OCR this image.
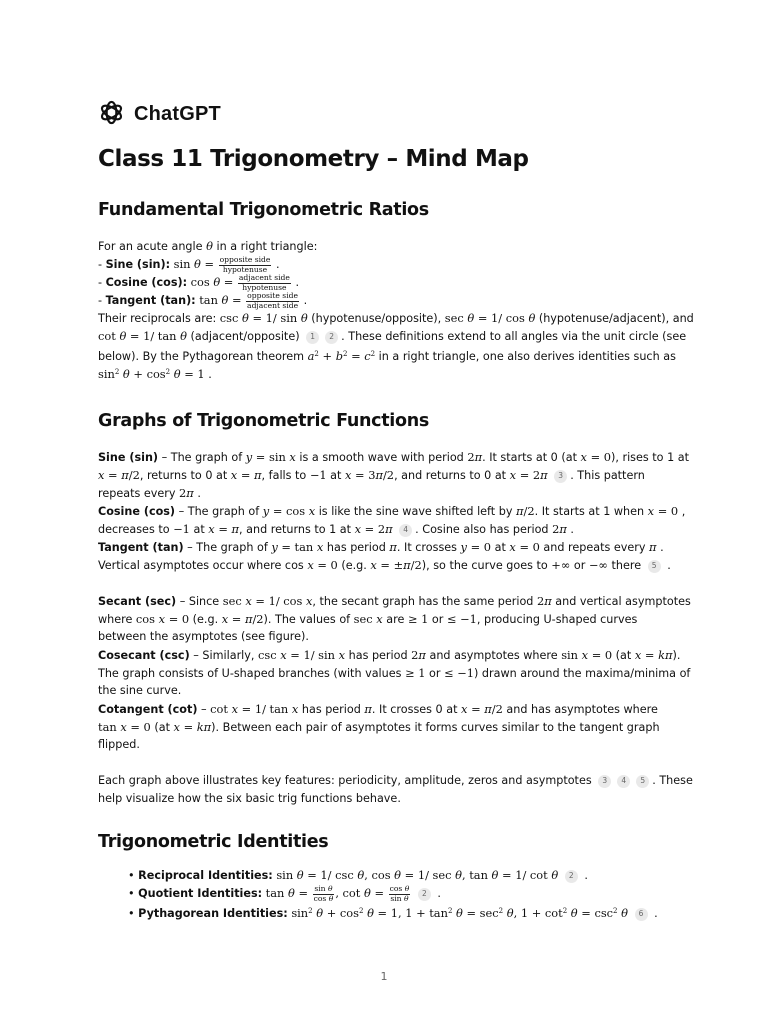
ChatGPT
Class 11 Trigonometry – Mind Map
Fundamental Trigonometric Ratios
For an acute angle θ in a right triangle:
- Sine (sin): $\sin \theta = \frac{\text{opposite side}}{\text{hypotenuse}}$ .
- Cosine (cos): $\cos \theta = \frac{\text{adjacent side}}{\text{hypotenuse}}$ .
- Tangent (tan): $\tan \theta = \frac{\text{opposite side}}{\text{adjacent side}}$ .
Their reciprocals are: csc θ = 1/ sin θ (hypotenuse/opposite), sec θ = 1/ cos θ (hypotenuse/adjacent), and
cot θ = 1/ tan θ (adjacent/opposite) 1 2 . These definitions extend to all angles via the unit circle (see
below). By the Pythagorean theorem $a^2 + b^2 = c^2$ in a right triangle, one also derives identities such as
$\sin^2 \theta + \cos^2 \theta = 1$ .
Graphs of Trigonometric Functions
Sine (sin) – The graph of y = sin x is a smooth wave with period 2π. It starts at 0 (at x = 0), rises to 1 at
x = π/2, returns to 0 at x = π, falls to −1 at x = 3π/2, and returns to 0 at x = 2π 3 . This pattern
repeats every 2π .
Cosine (cos) – The graph of y = cos x is like the sine wave shifted left by π/2. It starts at 1 when x = 0 ,
decreases to −1 at x = π, and returns to 1 at x = 2π 4 . Cosine also has period 2π .
Tangent (tan) – The graph of y = tan x has period π. It crosses y = 0 at x = 0 and repeats every π .
Vertical asymptotes occur where cos x = 0 (e.g. x = ±π/2), so the curve goes to +∞ or −∞ there 5 .
Secant (sec) – Since sec x = 1/ cos x, the secant graph has the same period 2π and vertical asymptotes
where cos x = 0 (e.g. x = π/2). The values of sec x are ≥ 1 or ≤ −1, producing U-shaped curves
between the asymptotes (see figure).
Cosecant (csc) – Similarly, csc x = 1/ sin x has period 2π and asymptotes where sin x = 0 (at x = kπ).
The graph consists of U-shaped branches (with values ≥ 1 or ≤ −1) drawn around the maxima/minima of
the sine curve.
Cotangent (cot) – cot x = 1/ tan x has period π. It crosses 0 at x = π/2 and has asymptotes where
tan x = 0 (at x = kπ). Between each pair of asymptotes it forms curves similar to the tangent graph
flipped.
Each graph above illustrates key features: periodicity, amplitude, zeros and asymptotes 3 4 5 . These
help visualize how the six basic trig functions behave.
Trigonometric Identities
• Reciprocal Identities: sin θ = 1/ csc θ, cos θ = 1/ sec θ, tan θ = 1/ cot θ 2 .
• Quotient Identities: $\tan \theta = \frac{\text{sin θ}}{\text{cos θ}}$ , $\cot \theta = \frac{\text{cos θ}}{\text{sin θ}} 2$ .
• Pythagorean Identities: $\sin^2 \theta + \cos^2 \theta = 1$, $1 + \tan^2 \theta = \sec^2 \theta$, $1 + \cot^2 \theta = \csc^2 \theta$ 6 .
1
